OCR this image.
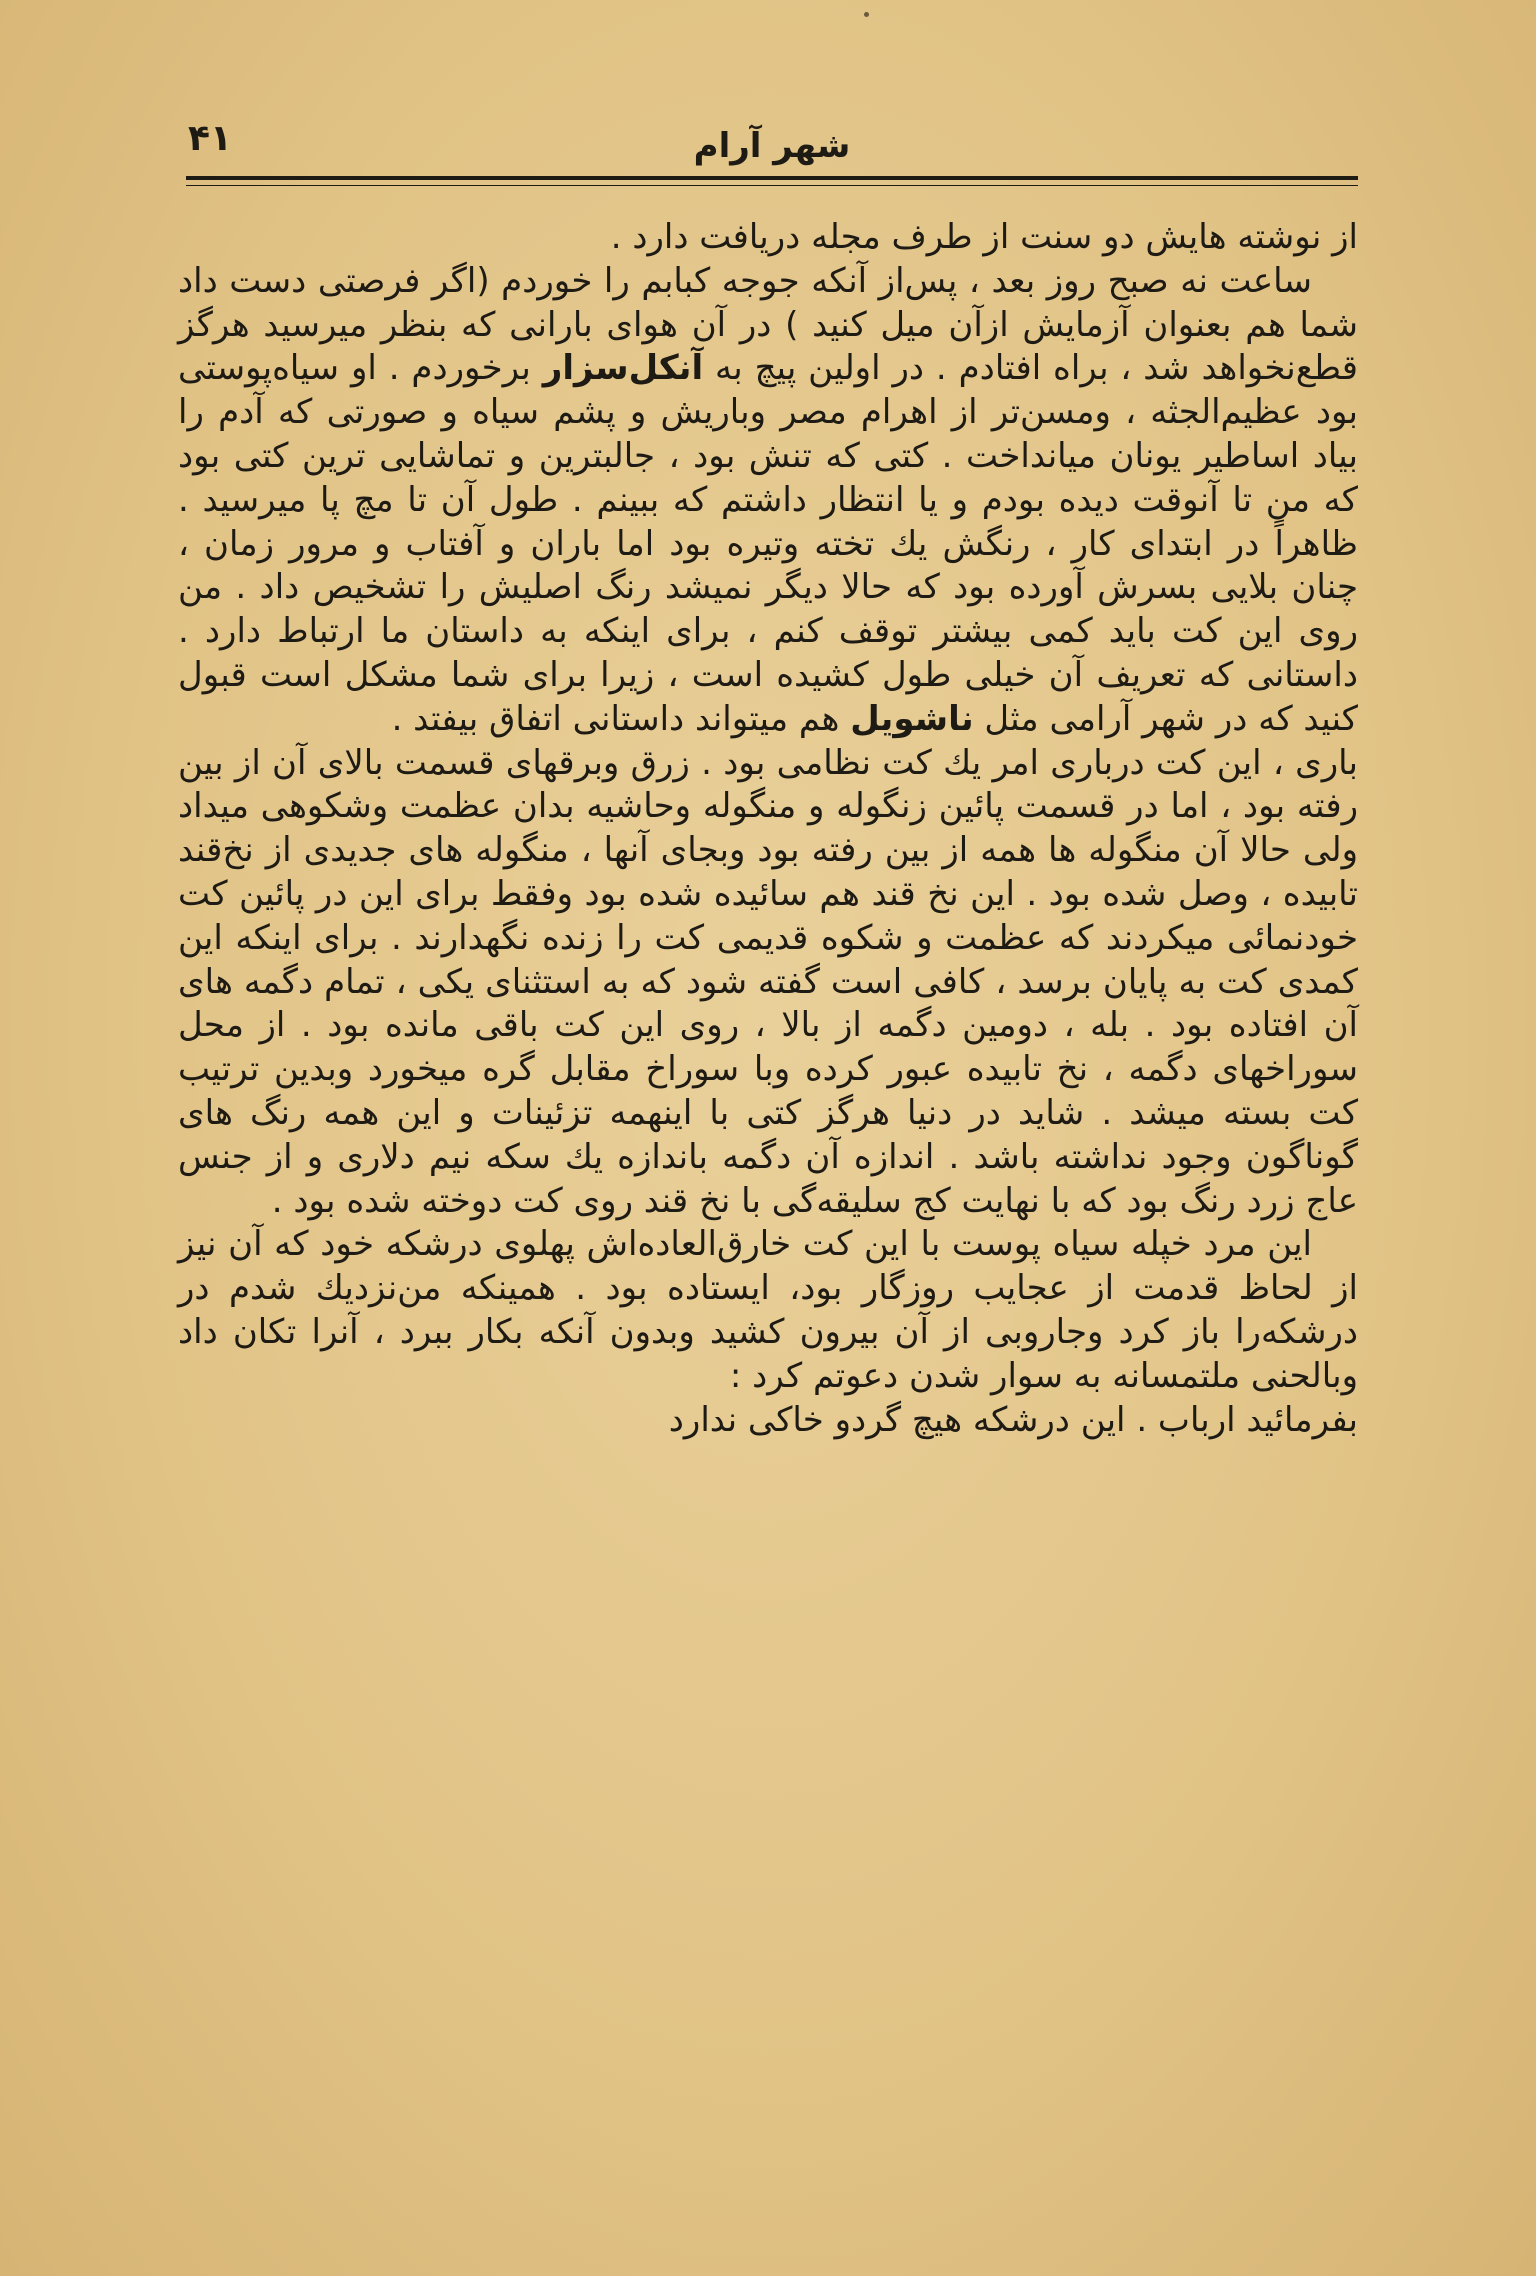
۴۱	شهر آرام

از نوشته هایش دو سنت از طرف مجله دریافت دارد .

ساعت نه صبح روز بعد ، پس‌از آنکه جوجه کبابم را خوردم (اگر فرصتی دست داد شما هم بعنوان آزمایش ازآن میل کنید ) در آن هوای بارانی که بنظر میرسید هرگز قطع‌نخواهد شد ، براه افتادم . در اولین پیچ به آنکل‌سزار برخوردم . او سیاه‌پوستی بود عظیم‌الجثه ، ومسن‌تر از اهرام مصر وباریش و پشم سیاه و صورتی که آدم را بیاد اساطیر یونان میانداخت . کتی که تنش بود ، جالبترین و تماشایی ترین کتی بود که من تا آنوقت دیده بودم و یا انتظار داشتم که ببینم . طول آن تا مچ پا میرسید . ظاهراً در ابتدای کار ، رنگش یك تخته وتیره بود اما باران و آفتاب و مرور زمان ، چنان بلایی بسرش آورده بود که حالا دیگر نمیشد رنگ اصلیش را تشخیص داد . من روی این کت باید کمی بیشتر توقف کنم ، برای اینکه به داستان ما ارتباط دارد . داستانی که تعریف آن خیلی طول کشیده است ، زیرا برای شما مشکل است قبول کنید که در شهر آرامی مثل ناشویل هم میتواند داستانی اتفاق بیفتد .

باری ، این کت درباری امر یك کت نظامی بود . زرق وبرقهای قسمت بالای آن از بین رفته بود ، اما در قسمت پائین زنگوله و منگوله وحاشیه بدان عظمت وشکوهی میداد ولی حالا آن منگوله ها همه از بین رفته بود وبجای آنها ، منگوله های جدیدی از نخ‌قند تابیده ، وصل شده بود . این نخ قند هم سائیده شده بود وفقط برای این در پائین کت خودنمائی میکردند که عظمت و شکوه قدیمی کت را زنده نگهدارند . برای اینکه این کمدی کت به پایان برسد ، کافی است گفته شود که به استثنای یکی ، تمام دگمه های آن افتاده بود . بله ، دومین دگمه از بالا ، روی این کت باقی مانده بود . از محل سوراخهای دگمه ، نخ تابیده عبور کرده وبا سوراخ مقابل گره میخورد وبدین ترتیب کت بسته میشد . شاید در دنیا هرگز کتی با اینهمه تزئینات و این همه رنگ های گوناگون وجود نداشته باشد . اندازه آن دگمه باندازه یك سکه نیم دلاری و از جنس عاج زرد رنگ بود که با نهایت کج سلیقه‌گی با نخ قند روی کت دوخته شده بود .

این مرد خپله سیاه پوست با این کت خارق‌العاده‌اش پهلوی درشکه خود که آن نیز از لحاظ قدمت از عجایب روزگار بود، ایستاده بود . همینکه من‌نزدیك شدم در درشکه‌را باز کرد وجاروبی از آن بیرون کشید وبدون آنکه بکار ببرد ، آنرا تکان داد وبالحنی ملتمسانه به سوار شدن دعوتم کرد :

بفرمائید ارباب . این درشکه هیچ گردو خاکی ندارد
